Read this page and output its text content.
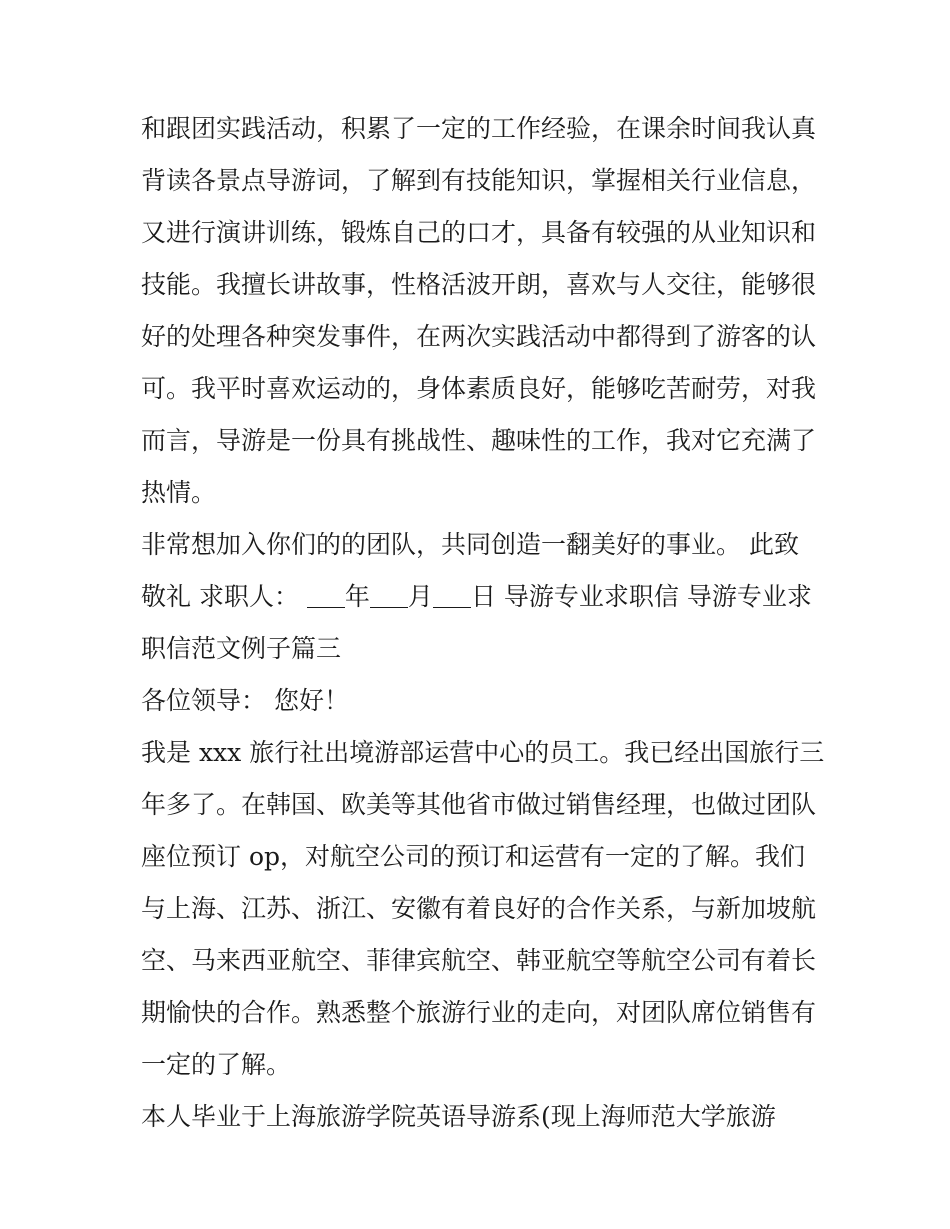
和跟团实践活动，积累了一定的工作经验，在课余时间我认真
背读各景点导游词，了解到有技能知识，掌握相关行业信息，
又进行演讲训练，锻炼自己的口才，具备有较强的从业知识和
技能。我擅长讲故事，性格活波开朗，喜欢与人交往，能够很
好的处理各种突发事件，在两次实践活动中都得到了游客的认
可。我平时喜欢运动的，身体素质良好，能够吃苦耐劳，对我
而言，导游是一份具有挑战性、趣味性的工作，我对它充满了
热情。
非常想加入你们的的团队，共同创造一翻美好的事业。 此致
敬礼 求职人： 年 月 日 导游专业求职信 导游专业求
职信范文例子篇三
各位领导： 您好！
我是 xxx 旅行社出境游部运营中心的员工。我已经出国旅行三
年多了。在韩国、欧美等其他省市做过销售经理，也做过团队
座位预订 op，对航空公司的预订和运营有一定的了解。我们
与上海、江苏、浙江、安徽有着良好的合作关系，与新加坡航
空、马来西亚航空、菲律宾航空、韩亚航空等航空公司有着长
期愉快的合作。熟悉整个旅游行业的走向，对团队席位销售有
一定的了解。
本人毕业于上海旅游学院英语导游系(现上海师范大学旅游
